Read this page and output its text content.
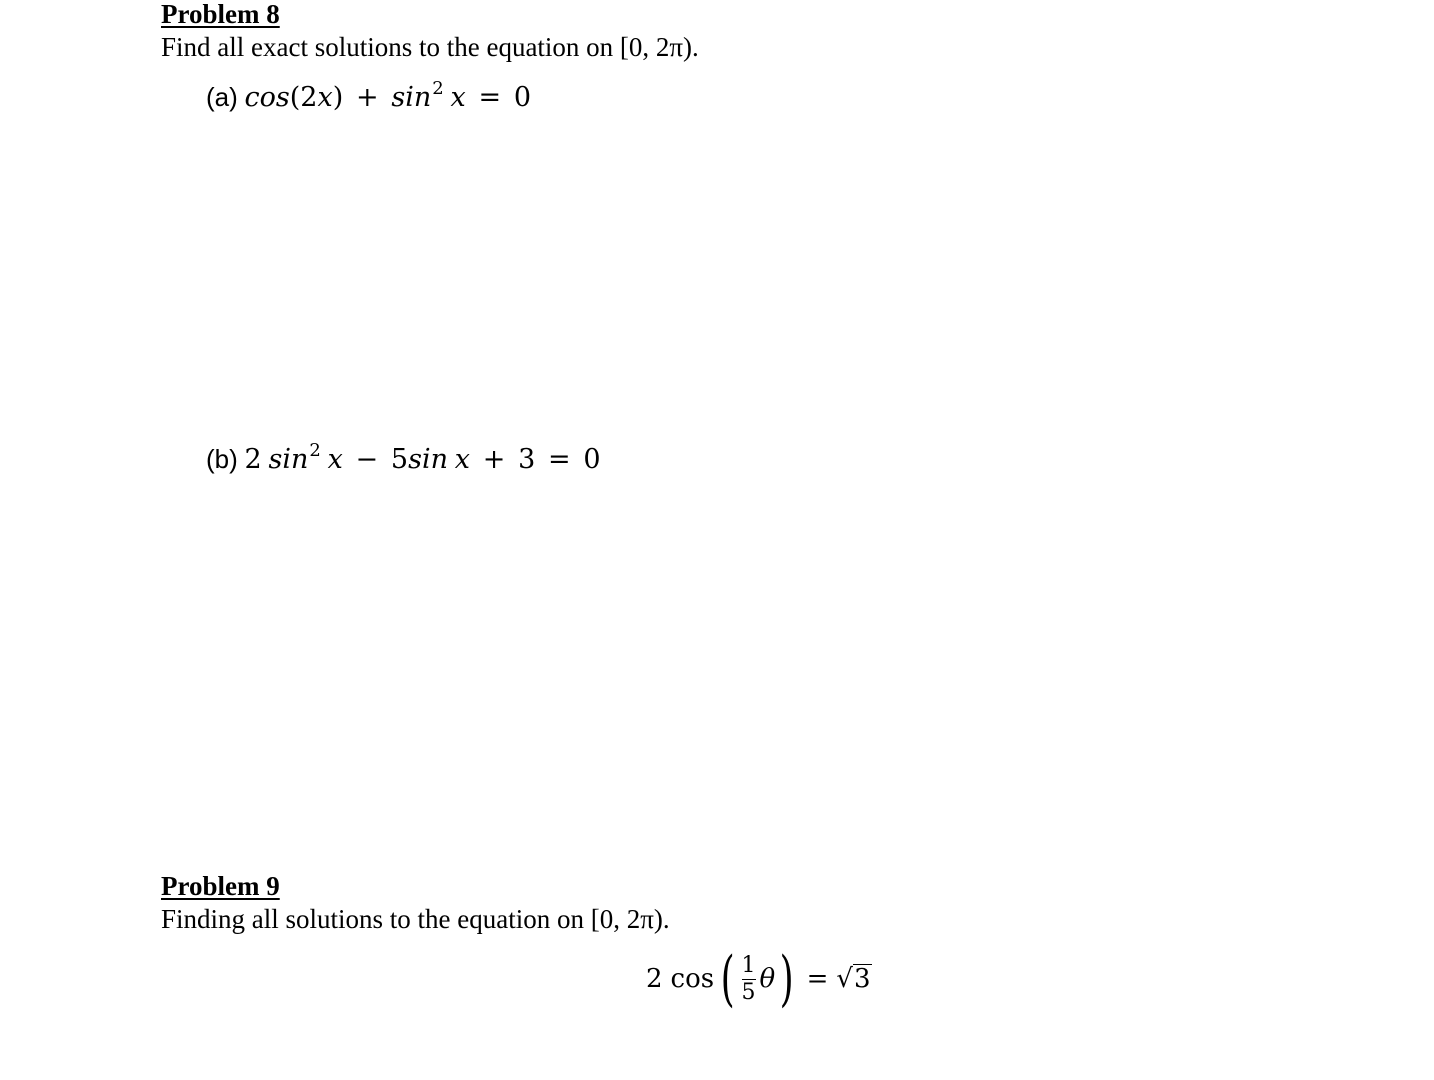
Problem 8
Find all exact solutions to the equation on [0, 2π).
(a) $\cos(2x) + \sin^2 x = 0$
(b) 2 $\sin^2 x - 5\sin$ x + 3 = 0
Problem 9
Finding all solutions to the equation on [0, 2π).
2 cos ( $\frac{1}{5}$ θ ) = √ 3
